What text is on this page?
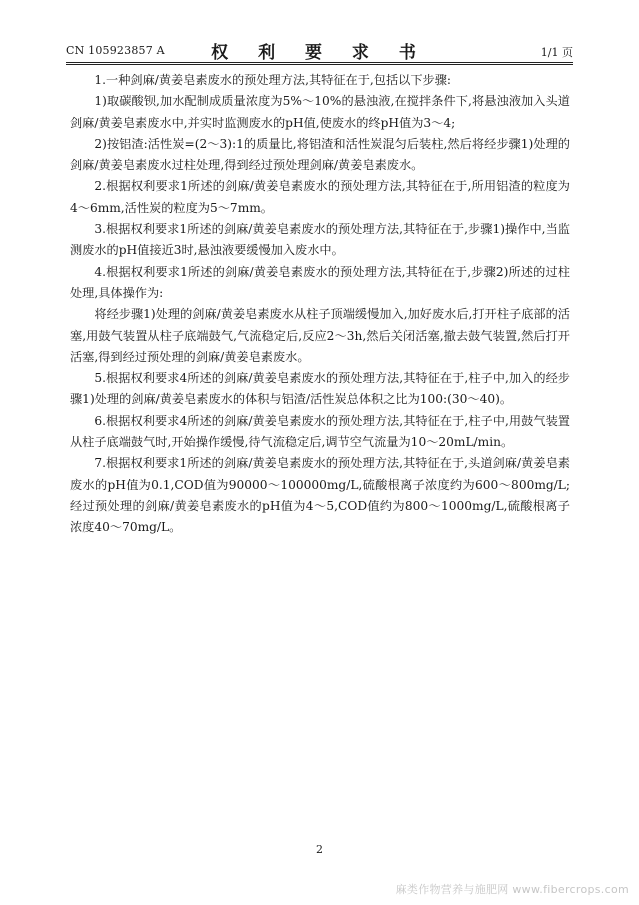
CN 105923857 A	权 利 要 求 书	1/1 页

1.一种剑麻/黄姜皂素废水的预处理方法,其特征在于,包括以下步骤:

1)取碳酸钡,加水配制成质量浓度为5%～10%的悬浊液,在搅拌条件下,将悬浊液加入头道剑麻/黄姜皂素废水中,并实时监测废水的pH值,使废水的终pH值为3～4;

2)按铝渣:活性炭=(2～3):1的质量比,将铝渣和活性炭混匀后装柱,然后将经步骤1)处理的剑麻/黄姜皂素废水过柱处理,得到经过预处理剑麻/黄姜皂素废水。

2.根据权利要求1所述的剑麻/黄姜皂素废水的预处理方法,其特征在于,所用铝渣的粒度为4～6mm,活性炭的粒度为5～7mm。

3.根据权利要求1所述的剑麻/黄姜皂素废水的预处理方法,其特征在于,步骤1)操作中,当监测废水的pH值接近3时,悬浊液要缓慢加入废水中。

4.根据权利要求1所述的剑麻/黄姜皂素废水的预处理方法,其特征在于,步骤2)所述的过柱处理,具体操作为:

将经步骤1)处理的剑麻/黄姜皂素废水从柱子顶端缓慢加入,加好废水后,打开柱子底部的活塞,用鼓气装置从柱子底端鼓气,气流稳定后,反应2～3h,然后关闭活塞,撤去鼓气装置,然后打开活塞,得到经过预处理的剑麻/黄姜皂素废水。

5.根据权利要求4所述的剑麻/黄姜皂素废水的预处理方法,其特征在于,柱子中,加入的经步骤1)处理的剑麻/黄姜皂素废水的体积与铝渣/活性炭总体积之比为100:(30～40)。

6.根据权利要求4所述的剑麻/黄姜皂素废水的预处理方法,其特征在于,柱子中,用鼓气装置从柱子底端鼓气时,开始操作缓慢,待气流稳定后,调节空气流量为10～20mL/min。

7.根据权利要求1所述的剑麻/黄姜皂素废水的预处理方法,其特征在于,头道剑麻/黄姜皂素废水的pH值为0.1,COD值为90000～100000mg/L,硫酸根离子浓度约为600～800mg/L;经过预处理的剑麻/黄姜皂素废水的pH值为4～5,COD值约为800～1000mg/L,硫酸根离子浓度40～70mg/L。

2
麻类作物营养与施肥网 www.fibercrops.com
